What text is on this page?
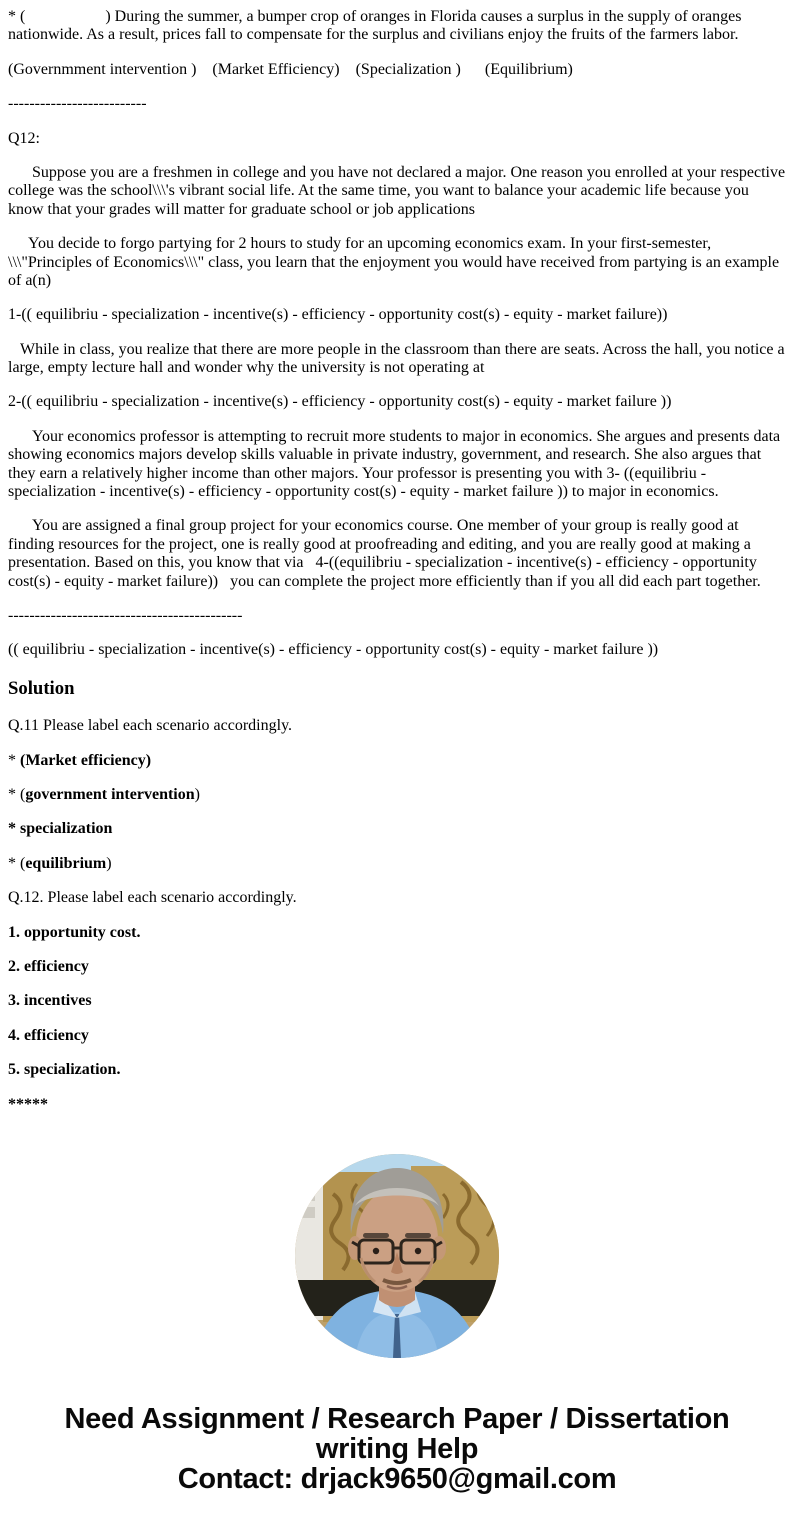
* (                    ) During the summer, a bumper crop of oranges in Florida causes a surplus in the supply of oranges nationwide. As a result, prices fall to compensate for the surplus and civilians enjoy the fruits of the farmers labor.

(Governmment intervention )    (Market Efficiency)    (Specialization )      (Equilibrium)

--------------------------

Q12:

Suppose you are a freshmen in college and you have not declared a major. One reason you enrolled at your respective college was the school\\\'s vibrant social life. At the same time, you want to balance your academic life because you know that your grades will matter for graduate school or job applications

You decide to forgo partying for 2 hours to study for an upcoming economics exam. In your first-semester, \\\"Principles of Economics\\\" class, you learn that the enjoyment you would have received from partying is an example of a(n)

1-(( equilibriu - specialization - incentive(s) - efficiency - opportunity cost(s) - equity - market failure))

While in class, you realize that there are more people in the classroom than there are seats. Across the hall, you notice a large, empty lecture hall and wonder why the university is not operating at

2-(( equilibriu - specialization - incentive(s) - efficiency - opportunity cost(s) - equity - market failure ))

Your economics professor is attempting to recruit more students to major in economics. She argues and presents data showing economics majors develop skills valuable in private industry, government, and research. She also argues that they earn a relatively higher income than other majors. Your professor is presenting you with 3- ((equilibriu - specialization - incentive(s) - efficiency - opportunity cost(s) - equity - market failure )) to major in economics.

You are assigned a final group project for your economics course. One member of your group is really good at finding resources for the project, one is really good at proofreading and editing, and you are really good at making a presentation. Based on this, you know that via   4-((equilibriu - specialization - incentive(s) - efficiency - opportunity cost(s) - equity - market failure))   you can complete the project more efficiently than if you all did each part together.

--------------------------------------------

(( equilibriu - specialization - incentive(s) - efficiency - opportunity cost(s) - equity - market failure ))

Solution

Q.11 Please label each scenario accordingly.

* (Market efficiency)

* (government intervention)

* specialization

* (equilibrium)

Q.12. Please label each scenario accordingly.

1. opportunity cost.

2. efficiency

3. incentives

4. efficiency

5. specialization.

*****

Need Assignment / Research Paper / Dissertation
writing Help
Contact: drjack9650@gmail.com
